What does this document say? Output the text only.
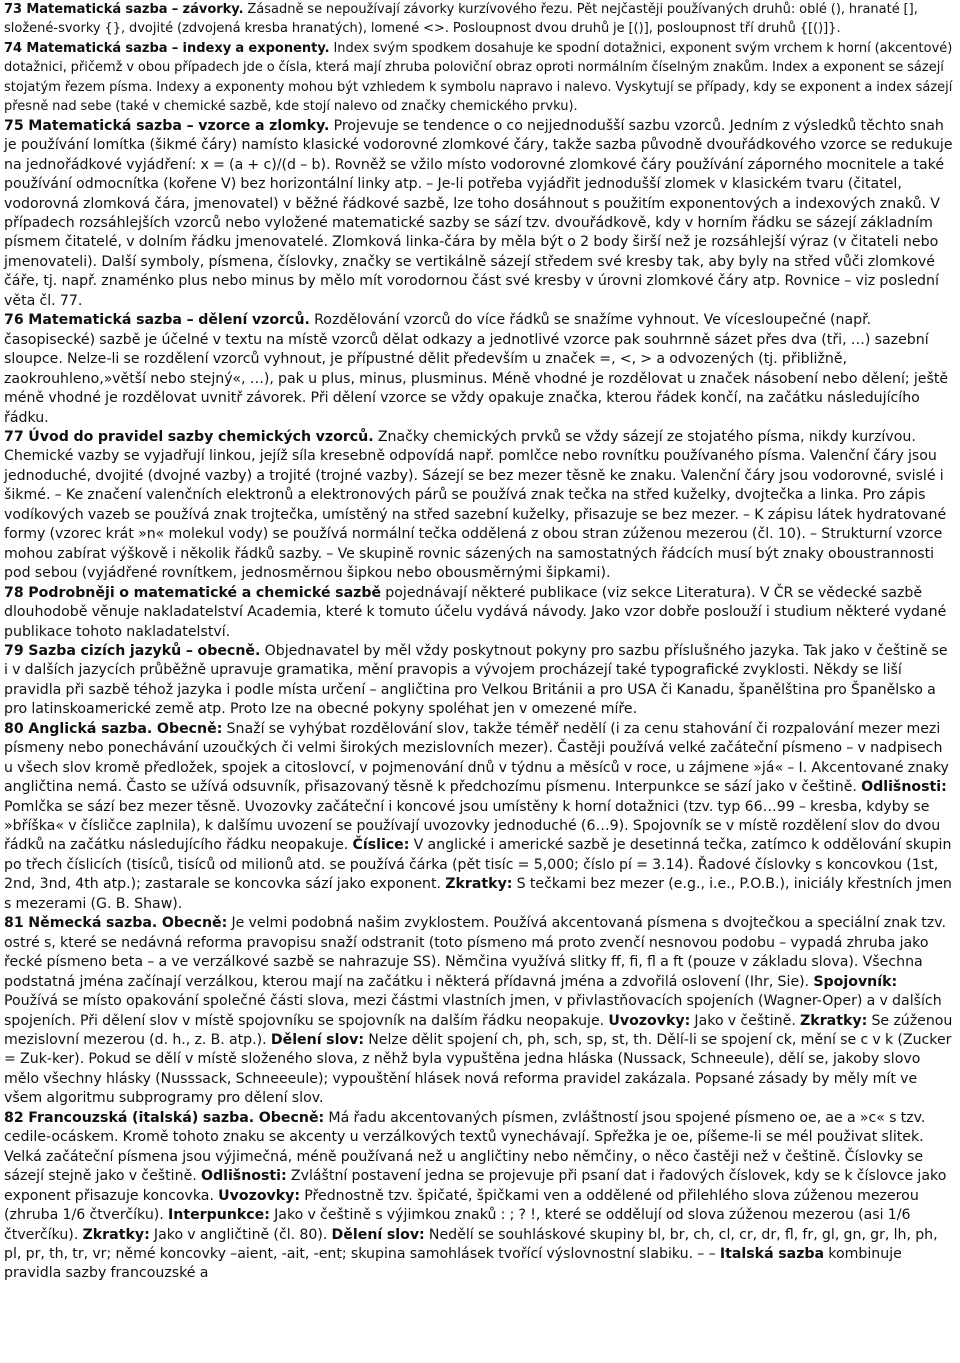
73 Matematická sazba – závorky. Zásadně se nepoužívají závorky kurzívového řezu. Pět nejčastěji používaných druhů: oblé (), hranaté [], složené-svorky {}, dvojité (zdvojená kresba hranatých), lomené <>. Posloupnost dvou druhů je [()], posloupnost tří druhů {[()]}.

74 Matematická sazba – indexy a exponenty. Index svým spodkem dosahuje ke spodní dotažnici, exponent svým vrchem k horní (akcentové) dotažnici, přičemž v obou případech jde o čísla, která mají zhruba poloviční obraz oproti normálním číselným znakům. Index a exponent se sázejí stojatým řezem písma. Indexy a exponenty mohou být vzhledem k symbolu napravo i nalevo. Vyskytují se případy, kdy se exponent a index sázejí přesně nad sebe (také v chemické sazbě, kde stojí nalevo od značky chemického prvku).

75 Matematická sazba – vzorce a zlomky. Projevuje se tendence o co nejjednodušší sazbu vzorců. Jedním z výsledků těchto snah je používání lomítka (šikmé čáry) namísto klasické vodorovné zlomkové čáry, takže sazba původně dvouřádkového vzorce se redukuje na jednořádkové vyjádření: x = (a + c)/(d – b). Rovněž se vžilo místo vodorovné zlomkové čáry používání záporného mocnitele a také používání odmocnítka (kořene V) bez horizontální linky atp. – Je-li potřeba vyjádřit jednodušší zlomek v klasickém tvaru (čitatel, vodorovná zlomková čára, jmenovatel) v běžné řádkové sazbě, lze toho dosáhnout s použitím exponentových a indexových znaků. V případech rozsáhlejších vzorců nebo vyložené matematické sazby se sází tzv. dvouřádkově, kdy v horním řádku se sázejí základním písmem čitatelé, v dolním řádku jmenovatelé. Zlomková linka-čára by měla být o 2 body širší než je rozsáhlejší výraz (v čitateli nebo jmenovateli). Další symboly, písmena, číslovky, značky se vertikálně sázejí středem své kresby tak, aby byly na střed vůči zlomkové čáře, tj. např. znaménko plus nebo minus by mělo mít vorodornou část své kresby v úrovni zlomkové čáry atp. Rovnice – viz poslední věta čl. 77.

76 Matematická sazba – dělení vzorců. Rozdělování vzorců do více řádků se snažíme vyhnout. Ve vícesloupečné (např. časopisecké) sazbě je účelné v textu na místě vzorců dělat odkazy a jednotlivé vzorce pak souhrnně sázet přes dva (tři, …) sazební sloupce. Nelze-li se rozdělení vzorců vyhnout, je přípustné dělit především u značek =, <, > a odvozených (tj. přibližně, zaokrouhleno,»větší nebo stejný«, …), pak u plus, minus, plusminus. Méně vhodné je rozdělovat u značek násobení nebo dělení; ještě méně vhodné je rozdělovat uvnitř závorek. Při dělení vzorce se vždy opakuje značka, kterou řádek končí, na začátku následujícího řádku.

77 Úvod do pravidel sazby chemických vzorců. Značky chemických prvků se vždy sázejí ze stojatého písma, nikdy kurzívou. Chemické vazby se vyjadřují linkou, jejíž síla kresebně odpovídá např. pomlčce nebo rovnítku používaného písma. Valenční čáry jsou jednoduché, dvojité (dvojné vazby) a trojité (trojné vazby). Sázejí se bez mezer těsně ke znaku. Valenční čáry jsou vodorovné, svislé i šikmé. – Ke značení valenčních elektronů a elektronových párů se používá znak tečka na střed kuželky, dvojtečka a linka. Pro zápis vodíkových vazeb se používá znak trojtečka, umístěný na střed sazební kuželky, přisazuje se bez mezer. – K zápisu látek hydratované formy (vzorec krát »n« molekul vody) se používá normální tečka oddělená z obou stran zúženou mezerou (čl. 10). – Strukturní vzorce mohou zabírat výškově i několik řádků sazby. – Ve skupině rovnic sázených na samostatných řádcích musí být znaky oboustrannosti pod sebou (vyjádřené rovnítkem, jednosměrnou šipkou nebo obousměrnými šipkami).

78 Podrobněji o matematické a chemické sazbě pojednávají některé publikace (viz sekce Literatura). V ČR se vědecké sazbě dlouhodobě věnuje nakladatelství Academia, které k tomuto účelu vydává návody. Jako vzor dobře poslouží i studium některé vydané publikace tohoto nakladatelství.

79 Sazba cizích jazyků – obecně. Objednavatel by měl vždy poskytnout pokyny pro sazbu příslušného jazyka. Tak jako v češtině se i v dalších jazycích průběžně upravuje gramatika, mění pravopis a vývojem procházejí také typografické zvyklosti. Někdy se liší pravidla při sazbě téhož jazyka i podle místa určení – angličtina pro Velkou Británii a pro USA či Kanadu, španělština pro Španělsko a pro latinskoamerické země atp. Proto Ize na obecné pokyny spoléhat jen v omezené míře.

80 Anglická sazba. Obecně: Snaží se vyhýbat rozdělování slov, takže téměř nedělí (i za cenu stahování či rozpalování mezer mezi písmeny nebo ponechávání uzoučkých či velmi širokých mezislovních mezer). Častěji používá velké začáteční písmeno – v nadpisech u všech slov kromě předložek, spojek a citoslovcí, v pojmenování dnů v týdnu a měsíců v roce, u zájmene »já« – I. Akcentované znaky angličtina nemá. Často se užívá odsuvník, přisazovaný těsně k předchozímu písmenu. Interpunkce se sází jako v češtině. Odlišnosti: Pomlčka se sází bez mezer těsně. Uvozovky začáteční i koncové jsou umístěny k horní dotažnici (tzv. typ 66…99 – kresba, kdyby se »bříška« v čísličce zaplnila), k dalšímu uvození se používají uvozovky jednoduché (6…9). Spojovník se v místě rozdělení slov do dvou řádků na začátku následujícího řádku neopakuje. Číslice: V anglické i americké sazbě je desetinná tečka, zatímco k oddělování skupin po třech číslicích (tisíců, tisíců od milionů atd. se používá čárka (pět tisíc = 5,000; číslo pí = 3.14). Řadové číslovky s koncovkou (1st, 2nd, 3nd, 4th atp.); zastarale se koncovka sází jako exponent. Zkratky: S tečkami bez mezer (e.g., i.e., P.O.B.), iniciály křestních jmen s mezerami (G. B. Shaw).

81 Německá sazba. Obecně: Je velmi podobná našim zvyklostem. Používá akcentovaná písmena s dvojtečkou a speciální znak tzv. ostré s, které se nedávná reforma pravopisu snaží odstranit (toto písmeno má proto zvenčí nesnovou podobu – vypadá zhruba jako řecké písmeno beta – a ve verzálkové sazbě se nahrazuje SS). Němčina využívá slitky ff, fi, fl a ft (pouze v základu slova). Všechna podstatná jména začínají verzálkou, kterou mají na začátku i některá přídavná jména a zdvořilá oslovení (Ihr, Sie). Spojovník: Používá se místo opakování společné části slova, mezi částmi vlastních jmen, v přivlastňovacích spojeních (Wagner-Oper) a v dalších spojeních. Při dělení slov v místě spojovníku se spojovník na dalším řádku neopakuje. Uvozovky: Jako v češtině. Zkratky: Se zúženou mezislovní mezerou (d. h., z. B. atp.). Dělení slov: Nelze dělit spojení ch, ph, sch, sp, st, th. Dělí-li se spojení ck, mění se c v k (Zucker = Zuk-ker). Pokud se dělí v místě složeného slova, z něhž byla vypuštěna jedna hláska (Nussack, Schneeule), dělí se, jakoby slovo mělo všechny hlásky (Nusssack, Schneeeule); vypouštění hlásek nová reforma pravidel zakázala. Popsané zásady by měly mít ve všem algoritmu subprogramy pro dělení slov.

82 Francouzská (italská) sazba. Obecně: Má řadu akcentovaných písmen, zvláštností jsou spojené písmeno oe, ae a »c« s tzv. cedile-ocáskem. Kromě tohoto znaku se akcenty u verzálkových textů vynechávají. Spřežka je oe, píšeme-li se mél použivat slitek. Velká začáteční písmena jsou výjimečná, méně používaná než u angličtiny nebo němčiny, o něco častěji než v češtině. Číslovky se sázejí stejně jako v češtině. Odlišnosti: Zvláštní postavení jedna se projevuje při psaní dat i řadových číslovek, kdy se k číslovce jako exponent přisazuje koncovka. Uvozovky: Přednostně tzv. špičaté, špičkami ven a oddělené od přilehlého slova zúženou mezerou (zhruba 1/6 čtverčíku). Interpunkce: Jako v češtině s výjimkou znaků : ; ? !, které se oddělují od slova zúženou mezerou (asi 1/6 čtverčíku). Zkratky: Jako v angličtině (čl. 80). Dělení slov: Nedělí se souhláskové skupiny bl, br, ch, cl, cr, dr, fl, fr, gl, gn, gr, lh, ph, pl, pr, th, tr, vr; němé koncovky –aient, -ait, -ent; skupina samohlásek tvořící výslovnostní slabiku. – – Italská sazba kombinuje pravidla sazby francouzské a
